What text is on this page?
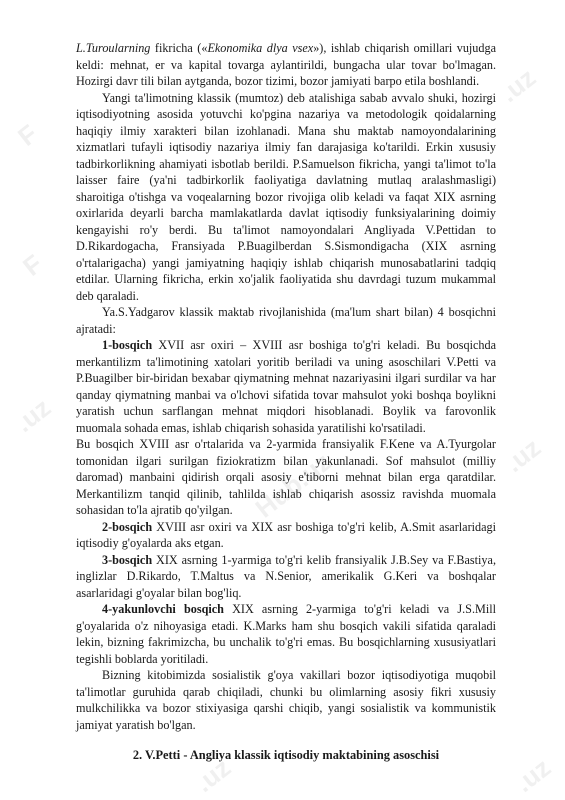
F
.uz
F
.uz
Hub.uz	.uz
.uz	.uz

L.Turoularning fikricha («Ekonomika dlya vsex»), ishlab chiqarish omillari vujudga keldi: mehnat, er va kapital tovarga aylantirildi, bungacha ular tovar bo'lmagan. Hozirgi davr tili bilan aytganda, bozor tizimi, bozor jamiyati barpo etila boshlandi.

Yangi ta'limotning klassik (mumtoz) deb atalishiga sabab avvalo shuki, hozirgi iqtisodiyotning asosida yotuvchi ko'pgina nazariya va metodologik qoidalarning haqiqiy ilmiy xarakteri bilan izohlanadi. Mana shu maktab namoyondalarining xizmatlari tufayli iqtisodiy nazariya ilmiy fan darajasiga ko'tarildi. Erkin xususiy tadbirkorlikning ahamiyati isbotlab berildi. P.Samuelson fikricha, yangi ta'limot to'la laisser faire (ya'ni tadbirkorlik faoliyatiga davlatning mutlaq aralashmasligi) sharoitiga o'tishga va voqealarning bozor rivojiga olib keladi va faqat XIX asrning oxirlarida deyarli barcha mamlakatlarda davlat iqtisodiy funksiyalarining doimiy kengayishi ro'y berdi. Bu ta'limot namoyondalari Angliyada V.Pettidan to D.Rikardogacha, Fransiyada P.Buagilberdan S.Sismondigacha (XIX asrning o'rtalarigacha) yangi jamiyatning haqiqiy ishlab chiqarish munosabatlarini tadqiq etdilar. Ularning fikricha, erkin xo'jalik faoliyatida shu davrdagi tuzum mukammal deb qaraladi.

Ya.S.Yadgarov klassik maktab rivojlanishida (ma'lum shart bilan) 4 bosqichni ajratadi:

1-bosqich XVII asr oxiri – XVIII asr boshiga to'g'ri keladi. Bu bosqichda merkantilizm ta'limotining xatolari yoritib beriladi va uning asoschilari V.Petti va P.Buagilber bir-biridan bexabar qiymatning mehnat nazariyasini ilgari surdilar va har qanday qiymatning manbai va o'lchovi sifatida tovar mahsulot yoki boshqa boylikni yaratish uchun sarflangan mehnat miqdori hisoblanadi. Boylik va farovonlik muomala sohada emas, ishlab chiqarish sohasida yaratilishi ko'rsatiladi.

Bu bosqich XVIII asr o'rtalarida va 2-yarmida fransiyalik F.Kene va A.Tyurgolar tomonidan ilgari surilgan fiziokratizm bilan yakunlanadi. Sof mahsulot (milliy daromad) manbaini qidirish orqali asosiy e'tiborni mehnat bilan erga qaratdilar. Merkantilizm tanqid qilinib, tahlilda ishlab chiqarish asossiz ravishda muomala sohasidan to'la ajratib qo'yilgan.

2-bosqich XVIII asr oxiri va XIX asr boshiga to'g'ri kelib, A.Smit asarlaridagi iqtisodiy g'oyalarda aks etgan.

3-bosqich XIX asrning 1-yarmiga to'g'ri kelib fransiyalik J.B.Sey va F.Bastiya, inglizlar D.Rikardo, T.Maltus va N.Senior, amerikalik G.Keri va boshqalar asarlaridagi g'oyalar bilan bog'liq.

4-yakunlovchi bosqich XIX asrning 2-yarmiga to'g'ri keladi va J.S.Mill g'oyalarida o'z nihoyasiga etadi. K.Marks ham shu bosqich vakili sifatida qaraladi lekin, bizning fakrimizcha, bu unchalik to'g'ri emas. Bu bosqichlarning xususiyatlari tegishli boblarda yoritiladi.

Bizning kitobimizda sosialistik g'oya vakillari bozor iqtisodiyotiga muqobil ta'limotlar guruhida qarab chiqiladi, chunki bu olimlarning asosiy fikri xususiy mulkchilikka va bozor stixiyasiga qarshi chiqib, yangi sosialistik va kommunistik jamiyat yaratish bo'lgan.

2. V.Petti - Angliya klassik iqtisodiy maktabining asoschisi
